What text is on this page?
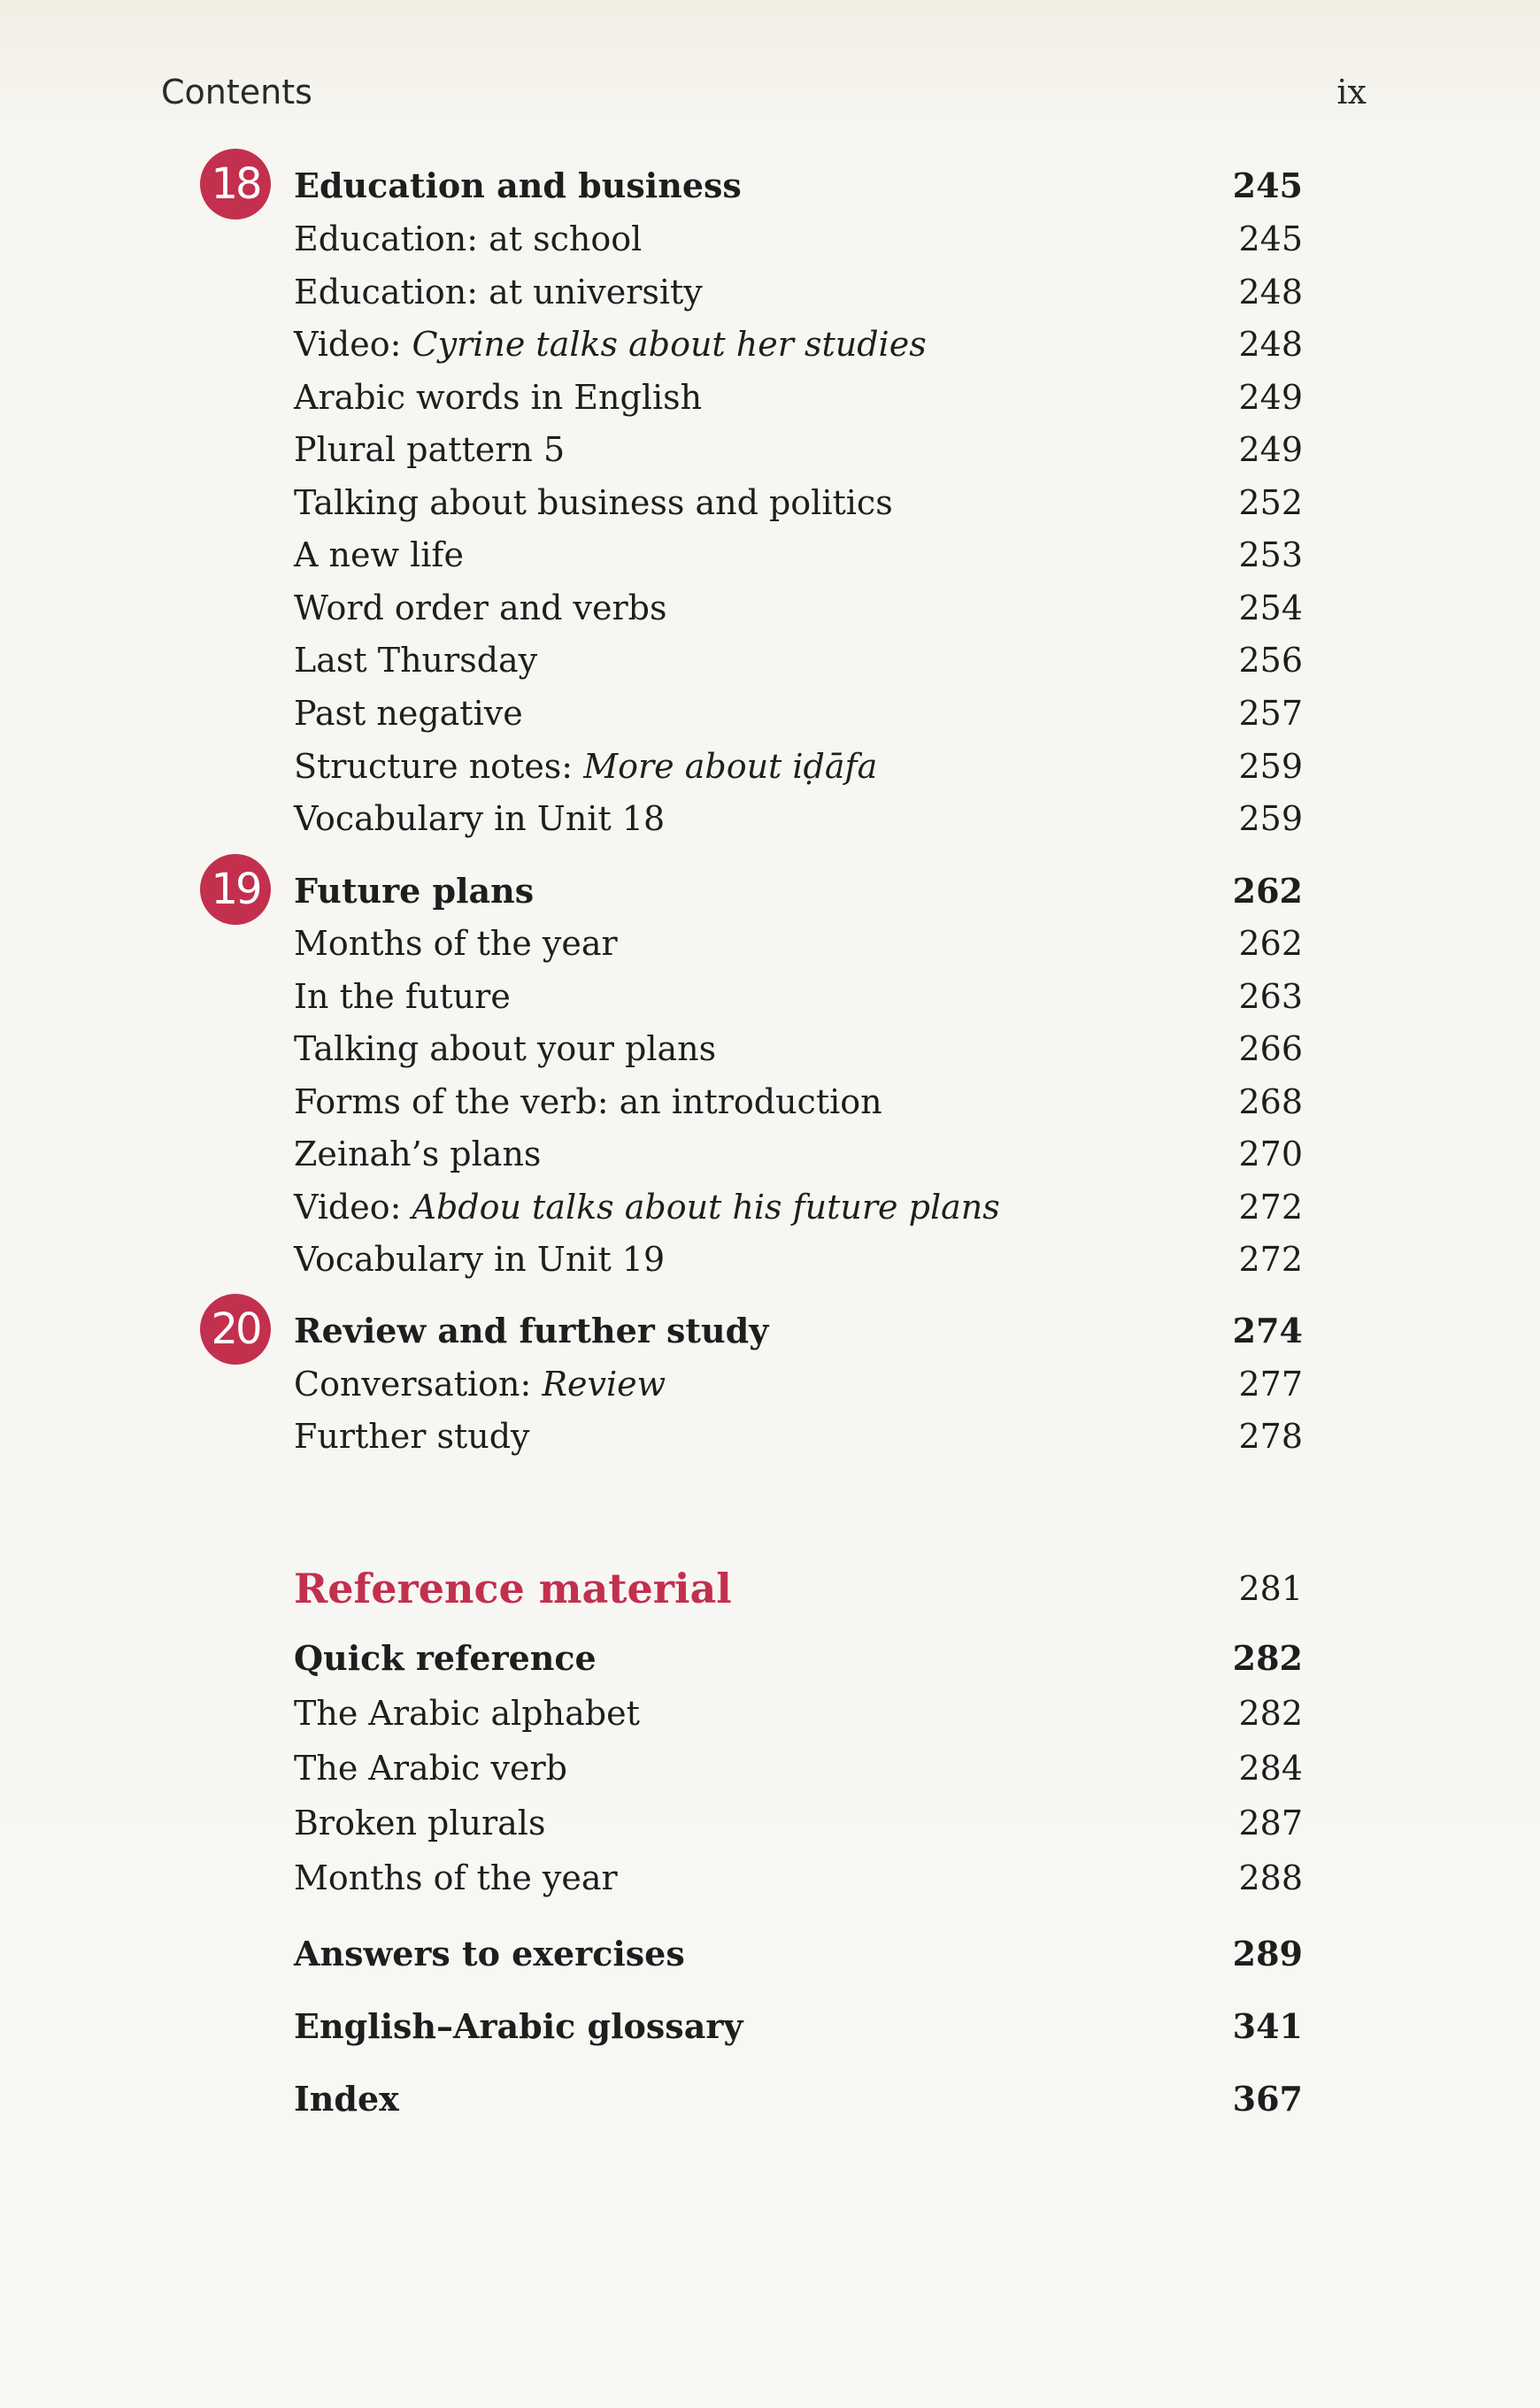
Contents	ix
18	Education and business	245
Education: at school	245
Education: at university	248
Video: Cyrine talks about her studies	248
Arabic words in English	249
Plural pattern 5	249
Talking about business and politics	252
A new life	253
Word order and verbs	254
Last Thursday	256
Past negative	257
Structure notes: More about iḍāfa	259
Vocabulary in Unit 18	259
19	Future plans	262
Months of the year	262
In the future	263
Talking about your plans	266
Forms of the verb: an introduction	268
Zeinah’s plans	270
Video: Abdou talks about his future plans	272
Vocabulary in Unit 19	272
20	Review and further study	274
Conversation: Review	277
Further study	278
Reference material	281
Quick reference	282
The Arabic alphabet	282
The Arabic verb	284
Broken plurals	287
Months of the year	288
Answers to exercises	289
English–Arabic glossary	341
Index	367
